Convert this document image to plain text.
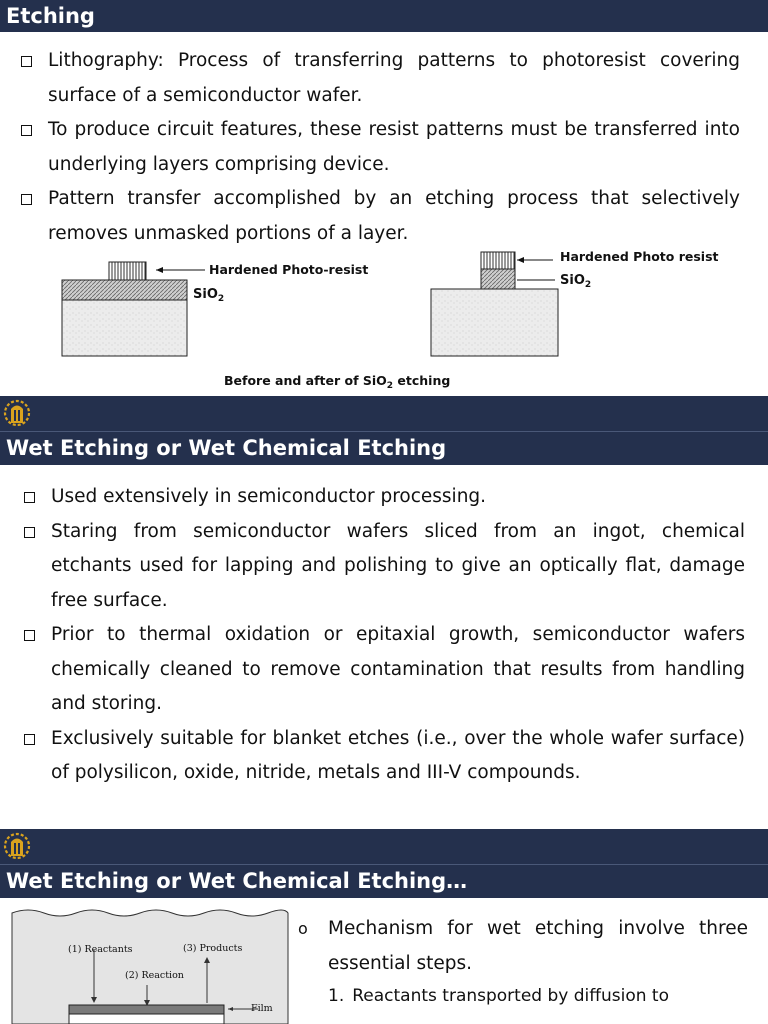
Etching
Lithography: Process of transferring patterns to photoresist covering surface of a semiconductor wafer.
To produce circuit features, these resist patterns must be transferred into underlying layers comprising device.
Pattern transfer accomplished by an etching process that selectively removes unmasked portions of a layer.
Hardened Photo-resist
SiO$_2$
Hardened Photo resist
SiO$_2$
Before and after of SiO$_2$ etching
Wet Etching or Wet Chemical Etching
Used extensively in semiconductor processing.
Staring from semiconductor wafers sliced from an ingot, chemical etchants used for lapping and polishing to give an optically flat, damage free surface.
Prior to thermal oxidation or epitaxial growth, semiconductor wafers chemically cleaned to remove contamination that results from handling and storing.
Exclusively suitable for blanket etches (i.e., over the whole wafer surface) of polysilicon, oxide, nitride, metals and III-V compounds.
Wet Etching or Wet Chemical Etching…
(1) Reactants
(2) Reaction
(3) Products
Film
o Mechanism for wet etching involve three essential steps.
1. Reactants transported by diffusion to
